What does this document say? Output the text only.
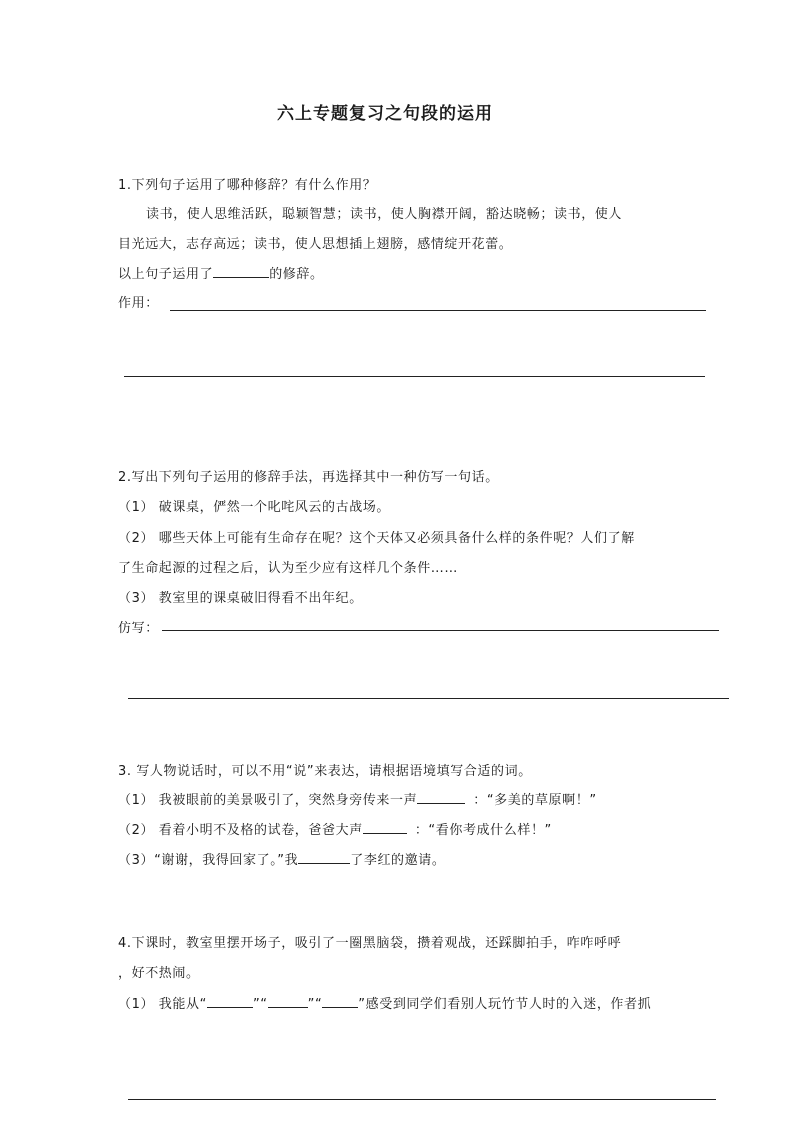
六上专题复习之句段的运用
1.下列句子运用了哪种修辞？有什么作用？
读书，使人思维活跃，聪颖智慧；读书，使人胸襟开阔，豁达晓畅；读书，使人
目光远大，志存高远；读书，使人思想插上翅膀，感情绽开花蕾。
以上句子运用了	的修辞。
作用：
2.写出下列句子运用的修辞手法，再选择其中一种仿写一句话。
（1） 破课桌，俨然一个叱咤风云的古战场。
（2） 哪些天体上可能有生命存在呢？这个天体又必须具备什么样的条件呢？人们了解
了生命起源的过程之后，认为至少应有这样几个条件……
（3） 教室里的课桌破旧得看不出年纪。
仿写：
3. 写人物说话时，可以不用“说”来表达，请根据语境填写合适的词。
（1） 我被眼前的美景吸引了，突然身旁传来一声	：“多美的草原啊！”
（2） 看着小明不及格的试卷，爸爸大声	：“看你考成什么样！”
（3）“谢谢，我得回家了。”我	了李红的邀请。
4.下课时，教室里摆开场子，吸引了一圈黑脑袋，攒着观战，还踩脚拍手，咋咋呼呼
，好不热闹。
（1） 我能从“	”“	”“	”感受到同学们看别人玩竹节人时的入迷，作者抓
